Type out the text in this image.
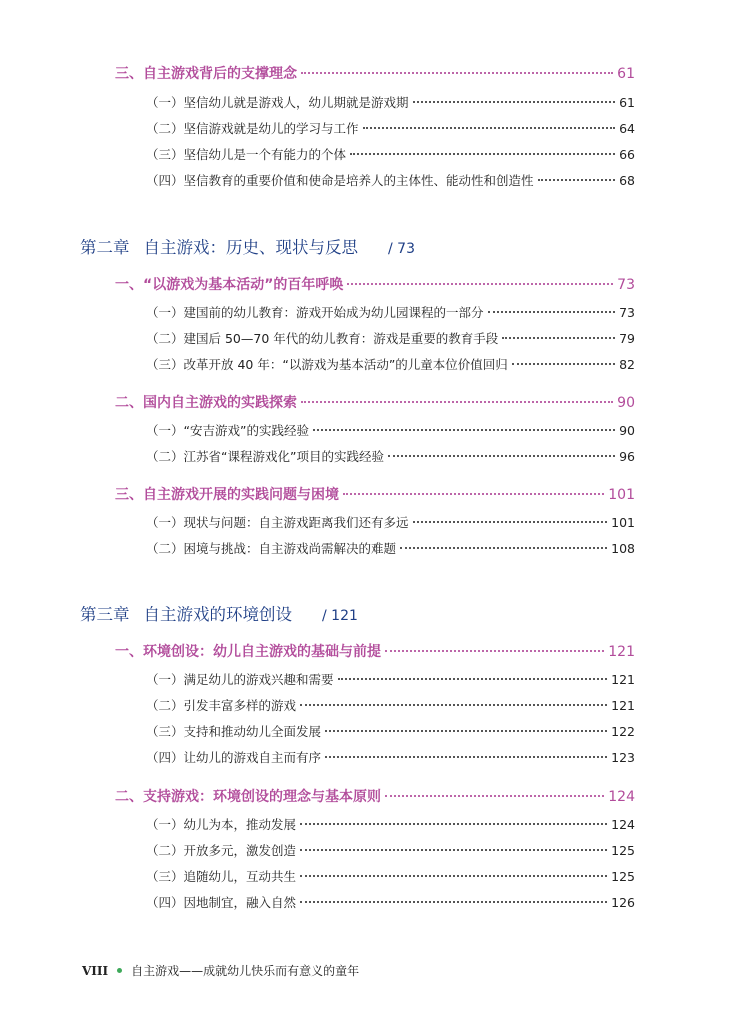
三、自主游戏背后的支撑理念	61
（一）坚信幼儿就是游戏人，幼儿期就是游戏期	61
（二）坚信游戏就是幼儿的学习与工作	64
（三）坚信幼儿是一个有能力的个体	66
（四）坚信教育的重要价值和使命是培养人的主体性、能动性和创造性	68
第二章 自主游戏：历史、现状与反思 / 73
一、“以游戏为基本活动”的百年呼唤	73
（一）建国前的幼儿教育：游戏开始成为幼儿园课程的一部分	73
（二）建国后 50—70 年代的幼儿教育：游戏是重要的教育手段	79
（三）改革开放 40 年：“以游戏为基本活动”的儿童本位价值回归	82
二、国内自主游戏的实践探索	90
（一）“安吉游戏”的实践经验	90
（二）江苏省“课程游戏化”项目的实践经验	96
三、自主游戏开展的实践问题与困境	101
（一）现状与问题：自主游戏距离我们还有多远	101
（二）困境与挑战：自主游戏尚需解决的难题	108
第三章 自主游戏的环境创设 / 121
一、环境创设：幼儿自主游戏的基础与前提	121
（一）满足幼儿的游戏兴趣和需要	121
（二）引发丰富多样的游戏	121
（三）支持和推动幼儿全面发展	122
（四）让幼儿的游戏自主而有序	123
二、支持游戏：环境创设的理念与基本原则	124
（一）幼儿为本，推动发展	124
（二）开放多元，激发创造	125
（三）追随幼儿，互动共生	125
（四）因地制宜，融入自然	126
VIII 自主游戏——成就幼儿快乐而有意义的童年
